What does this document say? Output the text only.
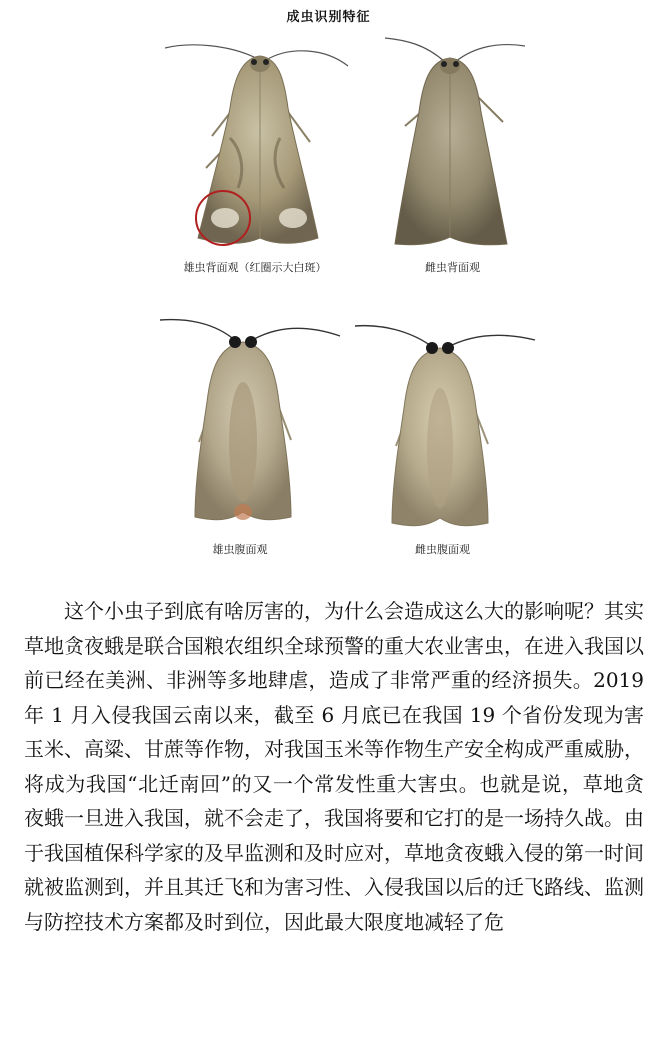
成虫识别特征
雄虫背面观（红圈示大白斑）	雌虫背面观
雄虫腹面观	雌虫腹面观

这个小虫子到底有啥厉害的，为什么会造成这么大的影响呢？其实草地贪夜蛾是联合国粮农组织全球预警的重大农业害虫，在进入我国以前已经在美洲、非洲等多地肆虐，造成了非常严重的经济损失。2019 年 1 月入侵我国云南以来，截至 6 月底已在我国 19 个省份发现为害玉米、高粱、甘蔗等作物，对我国玉米等作物生产安全构成严重威胁，将成为我国“北迁南回”的又一个常发性重大害虫。也就是说，草地贪夜蛾一旦进入我国，就不会走了，我国将要和它打的是一场持久战。由于我国植保科学家的及早监测和及时应对，草地贪夜蛾入侵的第一时间就被监测到，并且其迁飞和为害习性、入侵我国以后的迁飞路线、监测与防控技术方案都及时到位，因此最大限度地减轻了危
